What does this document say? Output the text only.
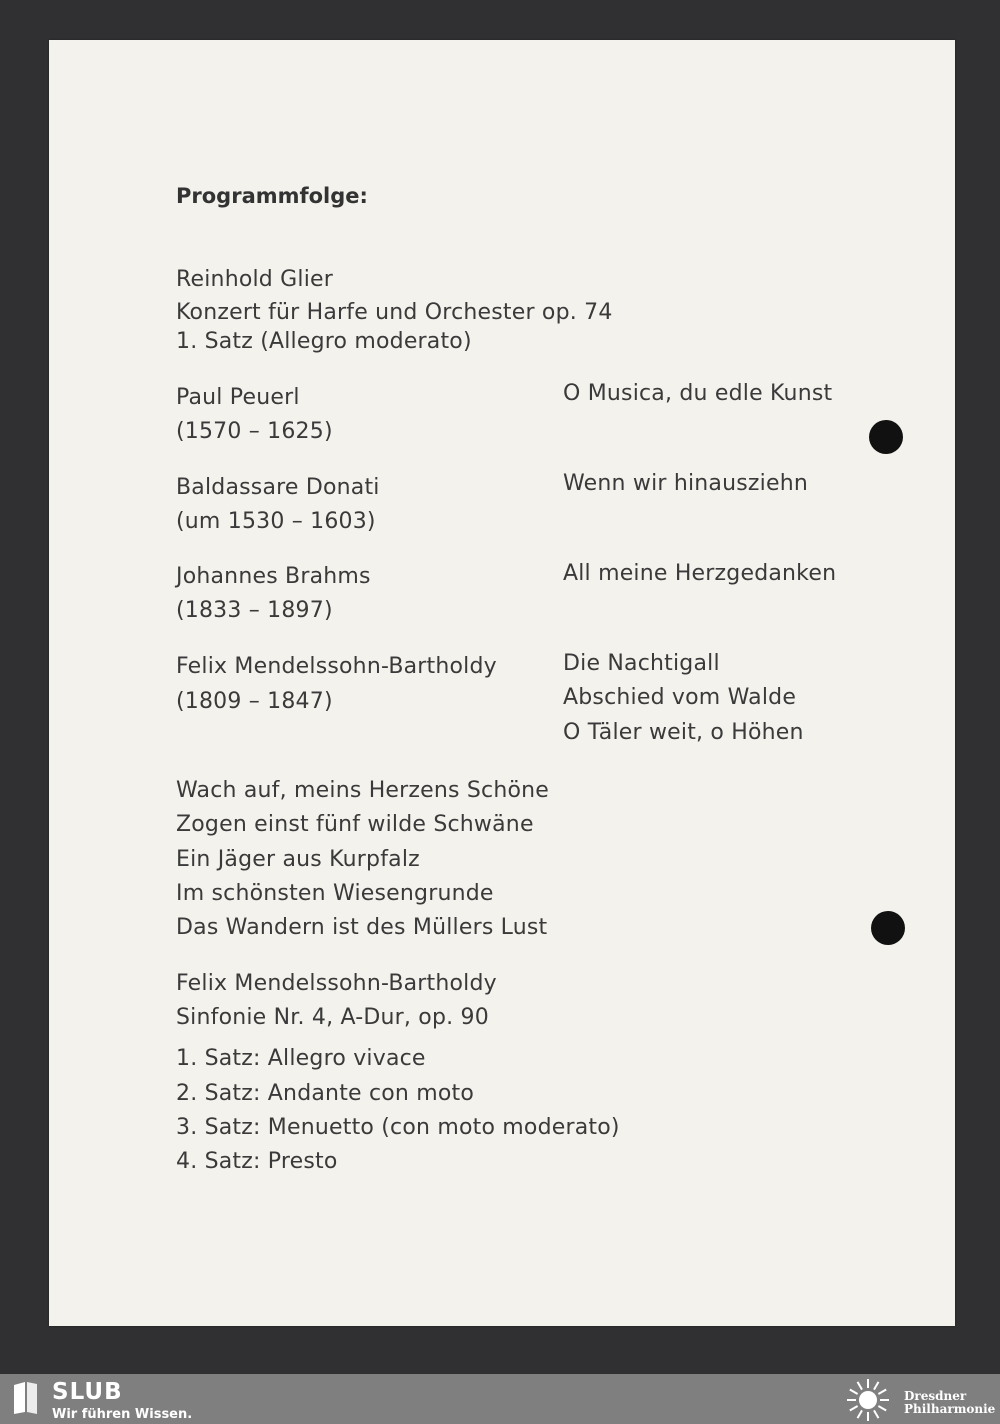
Programmfolge:
Reinhold Glier
Konzert für Harfe und Orchester op. 74
1. Satz (Allegro moderato)
Paul Peuerl
(1570 – 1625)
O Musica, du edle Kunst
Baldassare Donati
(um 1530 – 1603)
Wenn wir hinausziehn
Johannes Brahms
(1833 – 1897)
All meine Herzgedanken
Felix Mendelssohn-Bartholdy
(1809 – 1847)
Die Nachtigall
Abschied vom Walde
O Täler weit, o Höhen
Wach auf, meins Herzens Schöne
Zogen einst fünf wilde Schwäne
Ein Jäger aus Kurpfalz
Im schönsten Wiesengrunde
Das Wandern ist des Müllers Lust
Felix Mendelssohn-Bartholdy
Sinfonie Nr. 4, A-Dur, op. 90
1. Satz: Allegro vivace
2. Satz: Andante con moto
3. Satz: Menuetto (con moto moderato)
4. Satz: Presto
SLUB
Wir führen Wissen.
Dresdner
Philharmonie
